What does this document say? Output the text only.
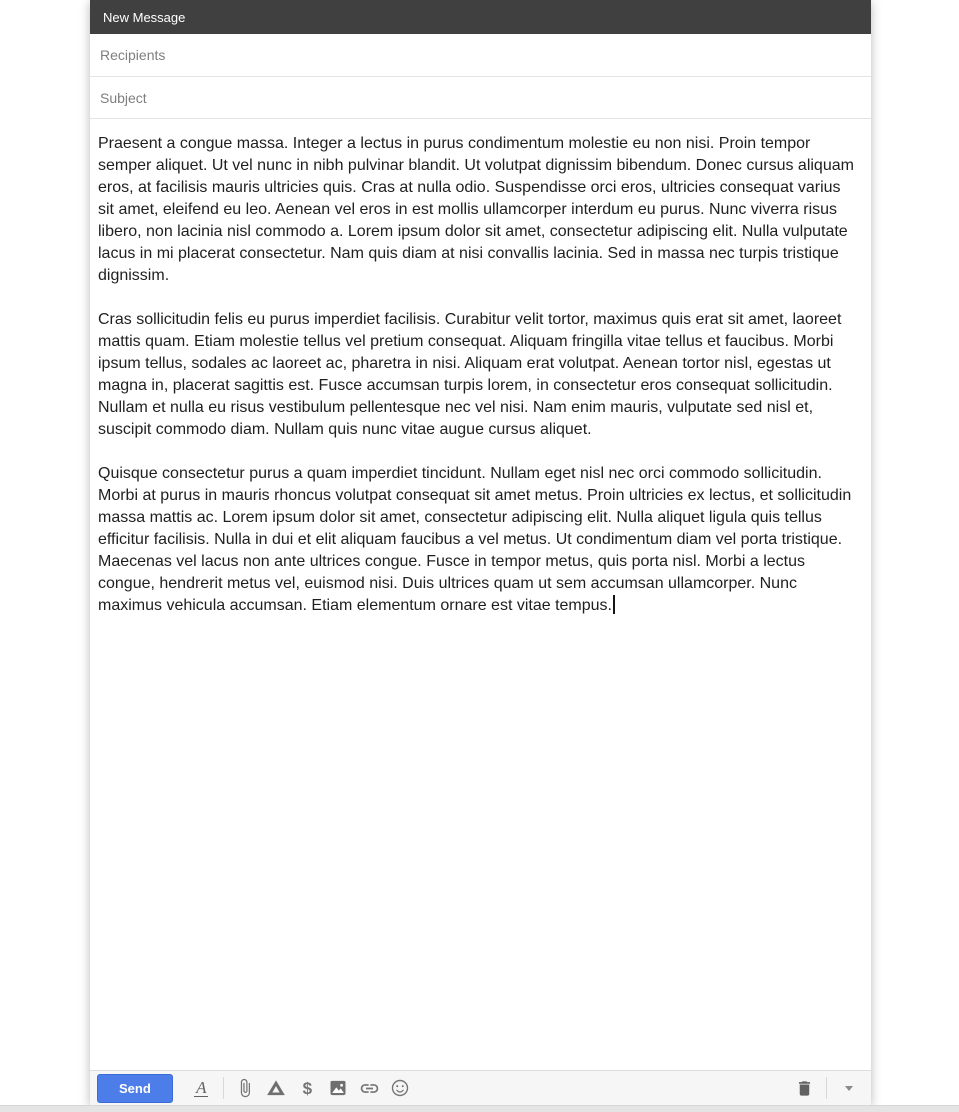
New Message
Recipients
Subject

Praesent a congue massa. Integer a lectus in purus condimentum molestie eu non nisi. Proin tempor semper aliquet. Ut vel nunc in nibh pulvinar blandit. Ut volutpat dignissim bibendum. Donec cursus aliquam eros, at facilisis mauris ultricies quis. Cras at nulla odio. Suspendisse orci eros, ultricies consequat varius sit amet, eleifend eu leo. Aenean vel eros in est mollis ullamcorper interdum eu purus. Nunc viverra risus libero, non lacinia nisl commodo a. Lorem ipsum dolor sit amet, consectetur adipiscing elit. Nulla vulputate lacus in mi placerat consectetur. Nam quis diam at nisi convallis lacinia. Sed in massa nec turpis tristique dignissim.

Cras sollicitudin felis eu purus imperdiet facilisis. Curabitur velit tortor, maximus quis erat sit amet, laoreet mattis quam. Etiam molestie tellus vel pretium consequat. Aliquam fringilla vitae tellus et faucibus. Morbi ipsum tellus, sodales ac laoreet ac, pharetra in nisi. Aliquam erat volutpat. Aenean tortor nisl, egestas ut magna in, placerat sagittis est. Fusce accumsan turpis lorem, in consectetur eros consequat sollicitudin. Nullam et nulla eu risus vestibulum pellentesque nec vel nisi. Nam enim mauris, vulputate sed nisl et, suscipit commodo diam. Nullam quis nunc vitae augue cursus aliquet.

Quisque consectetur purus a quam imperdiet tincidunt. Nullam eget nisl nec orci commodo sollicitudin. Morbi at purus in mauris rhoncus volutpat consequat sit amet metus. Proin ultricies ex lectus, et sollicitudin massa mattis ac. Lorem ipsum dolor sit amet, consectetur adipiscing elit. Nulla aliquet ligula quis tellus efficitur facilisis. Nulla in dui et elit aliquam faucibus a vel metus. Ut condimentum diam vel porta tristique. Maecenas vel lacus non ante ultrices congue. Fusce in tempor metus, quis porta nisl. Morbi a lectus congue, hendrerit metus vel, euismod nisi. Duis ultrices quam ut sem accumsan ullamcorper. Nunc maximus vehicula accumsan. Etiam elementum ornare est vitae tempus.

Send	A	$
